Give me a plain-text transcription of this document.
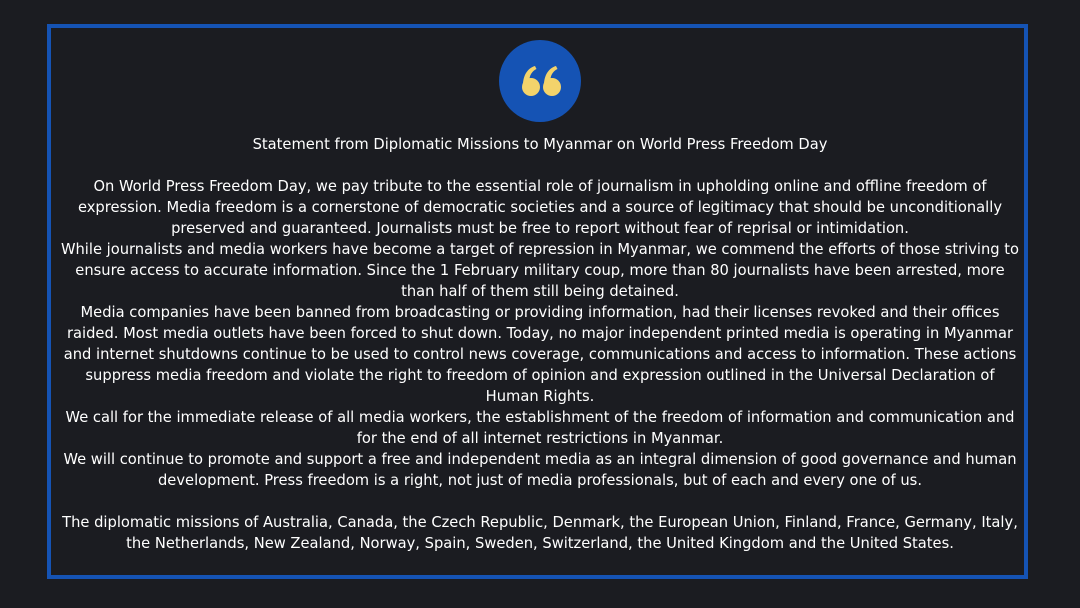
Statement from Diplomatic Missions to Myanmar on World Press Freedom Day

On World Press Freedom Day, we pay tribute to the essential role of journalism in upholding online and offline freedom of expression. Media freedom is a cornerstone of democratic societies and a source of legitimacy that should be unconditionally preserved and guaranteed. Journalists must be free to report without fear of reprisal or intimidation.

While journalists and media workers have become a target of repression in Myanmar, we commend the efforts of those striving to ensure access to accurate information. Since the 1 February military coup, more than 80 journalists have been arrested, more than half of them still being detained.

Media companies have been banned from broadcasting or providing information, had their licenses revoked and their offices raided. Most media outlets have been forced to shut down. Today, no major independent printed media is operating in Myanmar and internet shutdowns continue to be used to control news coverage, communications and access to information. These actions suppress media freedom and violate the right to freedom of opinion and expression outlined in the Universal Declaration of Human Rights.

We call for the immediate release of all media workers, the establishment of the freedom of information and communication and for the end of all internet restrictions in Myanmar.

We will continue to promote and support a free and independent media as an integral dimension of good governance and human development. Press freedom is a right, not just of media professionals, but of each and every one of us.

The diplomatic missions of Australia, Canada, the Czech Republic, Denmark, the European Union, Finland, France, Germany, Italy, the Netherlands, New Zealand, Norway, Spain, Sweden, Switzerland, the United Kingdom and the United States.
